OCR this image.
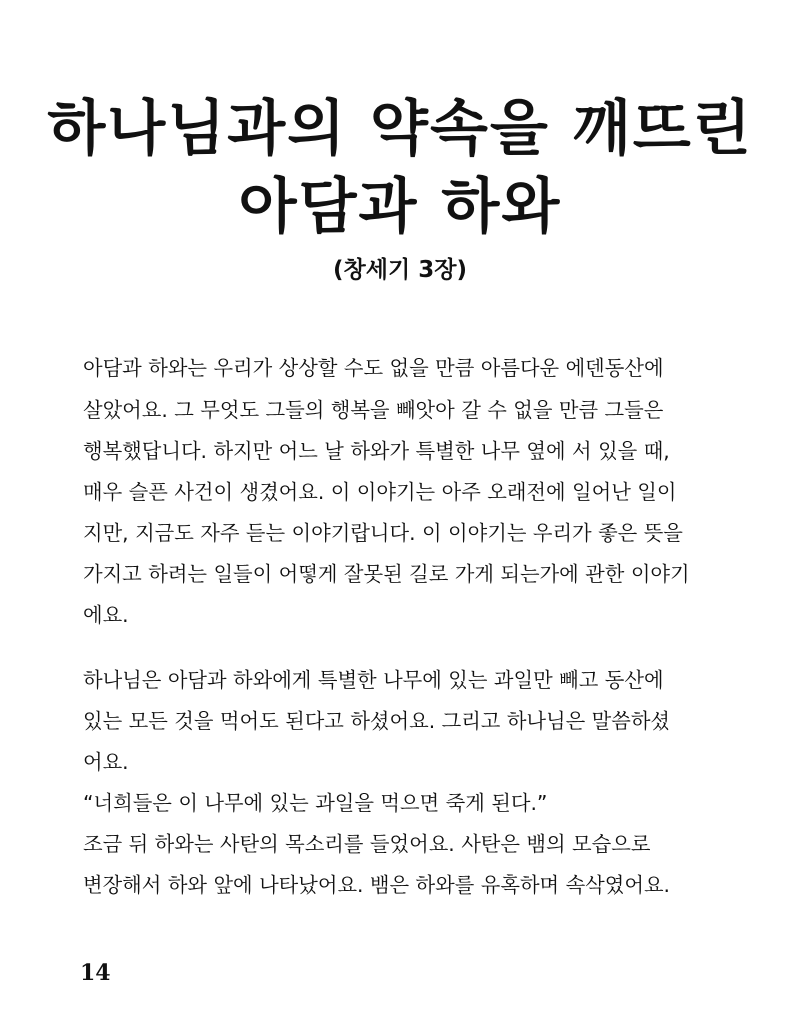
하나님과의 약속을 깨뜨린
아담과 하와
(창세기 3장)
아담과 하와는 우리가 상상할 수도 없을 만큼 아름다운 에덴동산에
살았어요. 그 무엇도 그들의 행복을 빼앗아 갈 수 없을 만큼 그들은
행복했답니다. 하지만 어느 날 하와가 특별한 나무 옆에 서 있을 때,
매우 슬픈 사건이 생겼어요. 이 이야기는 아주 오래전에 일어난 일이
지만, 지금도 자주 듣는 이야기랍니다. 이 이야기는 우리가 좋은 뜻을
가지고 하려는 일들이 어떻게 잘못된 길로 가게 되는가에 관한 이야기
에요.
하나님은 아담과 하와에게 특별한 나무에 있는 과일만 빼고 동산에
있는 모든 것을 먹어도 된다고 하셨어요. 그리고 하나님은 말씀하셨
어요.
“너희들은 이 나무에 있는 과일을 먹으면 죽게 된다.”
조금 뒤 하와는 사탄의 목소리를 들었어요. 사탄은 뱀의 모습으로
변장해서 하와 앞에 나타났어요. 뱀은 하와를 유혹하며 속삭였어요.
14
